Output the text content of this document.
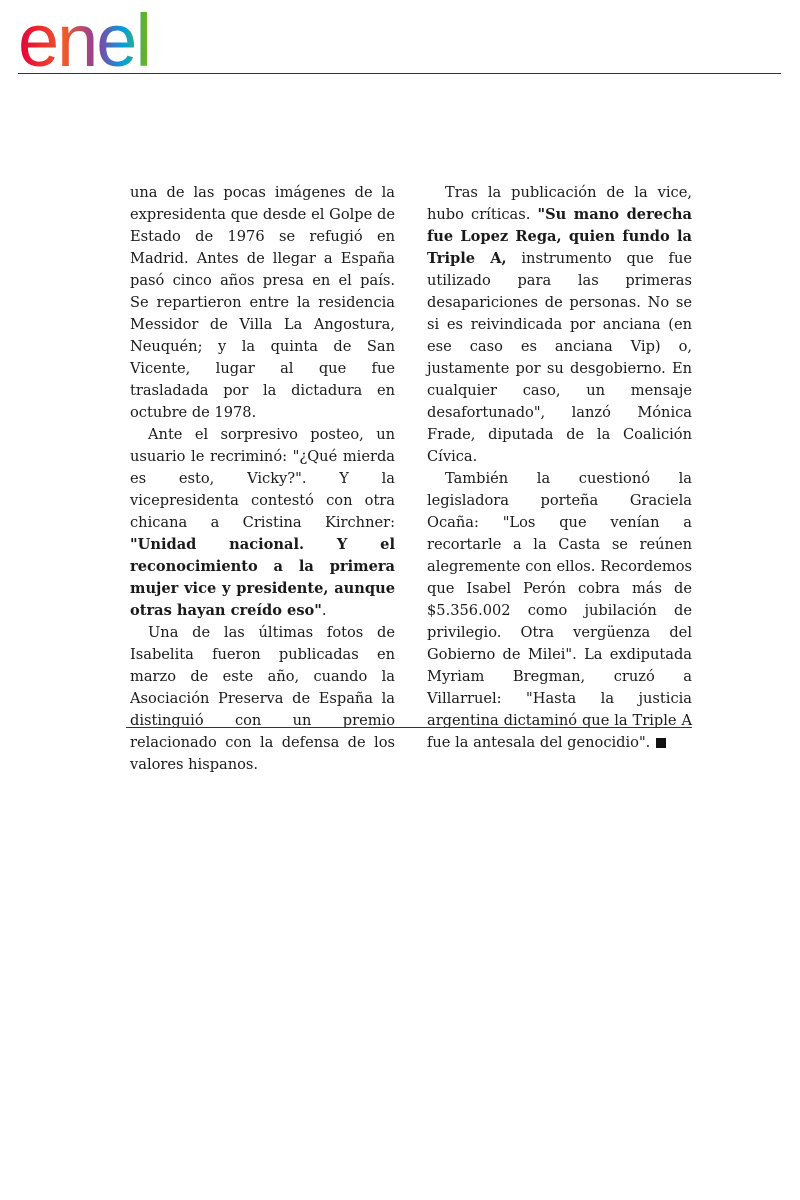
enel

una de las pocas imágenes de la expresidenta que desde el Golpe de Estado de 1976 se refugió en Madrid. Antes de llegar a España pasó cinco años presa en el país. Se repartieron entre la residencia Messidor de Villa La Angostura, Neuquén; y la quinta de San Vicente, lugar al que fue trasladada por la dictadura en octubre de 1978.

Ante el sorpresivo posteo, un usuario le recriminó: "¿Qué mierda es esto, Vicky?". Y la vicepresidenta contestó con otra chicana a Cristina Kirchner: "Unidad nacional. Y el reconocimiento a la primera mujer vice y presidente, aunque otras hayan creído eso".

Una de las últimas fotos de Isabelita fueron publicadas en marzo de este año, cuando la Asociación Preserva de España la distinguió con un premio relacionado con la defensa de los valores hispanos.

Tras la publicación de la vice, hubo críticas. "Su mano derecha fue Lopez Rega, quien fundo la Triple A, instrumento que fue utilizado para las primeras desapariciones de personas. No se si es reivindicada por anciana (en ese caso es anciana Vip) o, justamente por su desgobierno. En cualquier caso, un mensaje desafortunado", lanzó Mónica Frade, diputada de la Coalición Cívica.

También la cuestionó la legisladora porteña Graciela Ocaña: "Los que venían a recortarle a la Casta se reúnen alegremente con ellos. Recordemos que Isabel Perón cobra más de $5.356.002 como jubilación de privilegio. Otra vergüenza del Gobierno de Milei". La exdiputada Myriam Bregman, cruzó a Villarruel: "Hasta la justicia argentina dictaminó que la Triple A fue la antesala del genocidio".
